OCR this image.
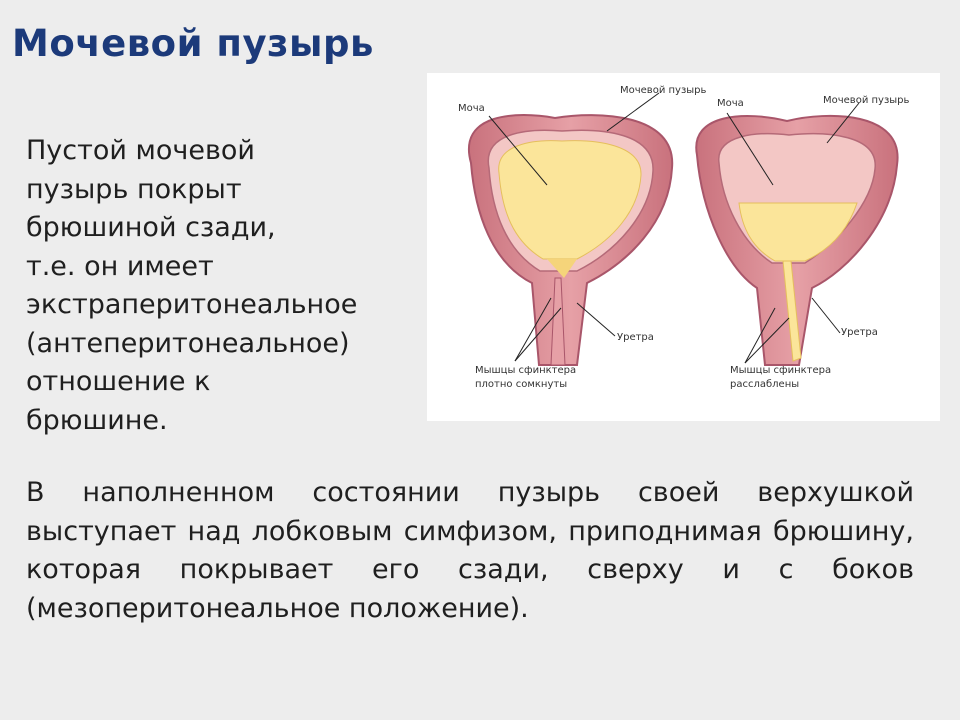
Мочевой пузырь

Пустой мочевой
пузырь покрыт
брюшиной сзади,
т.е. он имеет
экстраперитонеальное
(антеперитонеальное)
отношение к
брюшине.

Моча
Мочевой пузырь
Уретра
Мышцы сфинктера
плотно сомкнуты
Моча	Мочевой пузырь
Уретра
Мышцы сфинктера
расслаблены

В наполненном состоянии пузырь своей верхушкой выступает над лобковым симфизом, приподнимая брюшину, которая покрывает его сзади, сверху и с боков (мезоперитонеальное положение).
